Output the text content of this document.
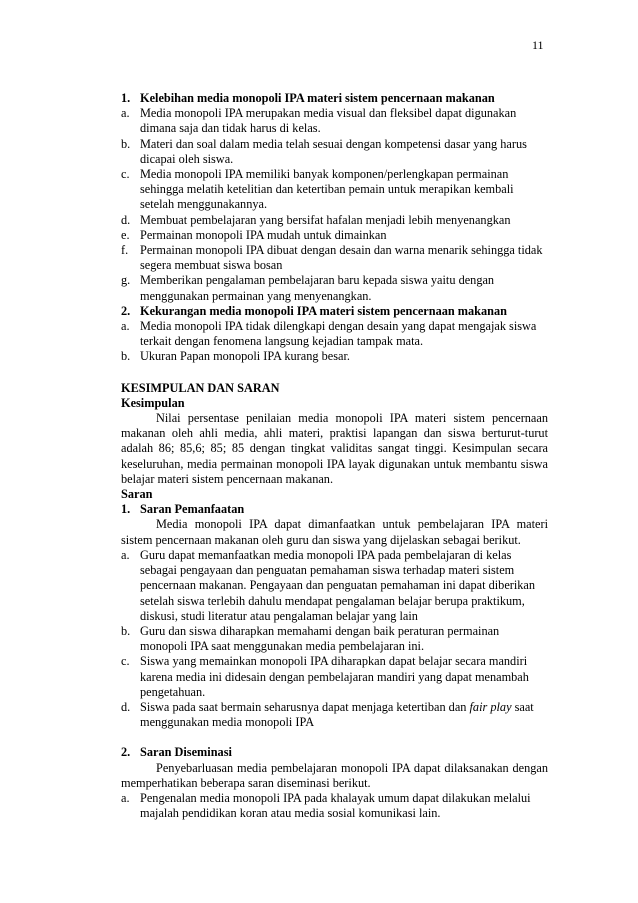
11
1. Kelebihan media monopoli IPA materi sistem pencernaan makanan
a. Media monopoli IPA merupakan media visual dan fleksibel dapat digunakan dimana saja dan tidak harus di kelas.
b. Materi dan soal dalam media telah sesuai dengan kompetensi dasar yang harus dicapai oleh siswa.
c. Media monopoli IPA memiliki banyak komponen/perlengkapan permainan sehingga melatih ketelitian dan ketertiban pemain untuk merapikan kembali setelah menggunakannya.
d. Membuat pembelajaran yang bersifat hafalan menjadi lebih menyenangkan
e. Permainan monopoli IPA mudah untuk dimainkan
f. Permainan monopoli IPA dibuat dengan desain dan warna menarik sehingga tidak segera membuat siswa bosan
g. Memberikan pengalaman pembelajaran baru kepada siswa yaitu dengan menggunakan permainan yang menyenangkan.
2. Kekurangan media monopoli IPA materi sistem pencernaan makanan
a. Media monopoli IPA tidak dilengkapi dengan desain yang dapat mengajak siswa terkait dengan fenomena langsung kejadian tampak mata.
b. Ukuran Papan monopoli IPA kurang besar.
KESIMPULAN DAN SARAN
Kesimpulan
Nilai persentase penilaian media monopoli IPA materi sistem pencernaan makanan oleh ahli media, ahli materi, praktisi lapangan dan siswa berturut-turut adalah 86; 85,6; 85; 85 dengan tingkat validitas sangat tinggi. Kesimpulan secara keseluruhan, media permainan monopoli IPA layak digunakan untuk membantu siswa belajar materi sistem pencernaan makanan.
Saran
1. Saran Pemanfaatan
Media monopoli IPA dapat dimanfaatkan untuk pembelajaran IPA materi sistem pencernaan makanan oleh guru dan siswa yang dijelaskan sebagai berikut.
a. Guru dapat memanfaatkan media monopoli IPA pada pembelajaran di kelas sebagai pengayaan dan penguatan pemahaman siswa terhadap materi sistem pencernaan makanan. Pengayaan dan penguatan pemahaman ini dapat diberikan setelah siswa terlebih dahulu mendapat pengalaman belajar berupa praktikum, diskusi, studi literatur atau pengalaman belajar yang lain
b. Guru dan siswa diharapkan memahami dengan baik peraturan permainan monopoli IPA saat menggunakan media pembelajaran ini.
c. Siswa yang memainkan monopoli IPA diharapkan dapat belajar secara mandiri karena media ini didesain dengan pembelajaran mandiri yang dapat menambah pengetahuan.
d. Siswa pada saat bermain seharusnya dapat menjaga ketertiban dan fair play saat menggunakan media monopoli IPA
2. Saran Diseminasi
Penyebarluasan media pembelajaran monopoli IPA dapat dilaksanakan dengan memperhatikan beberapa saran diseminasi berikut.
a. Pengenalan media monopoli IPA pada khalayak umum dapat dilakukan melalui majalah pendidikan koran atau media sosial komunikasi lain.
